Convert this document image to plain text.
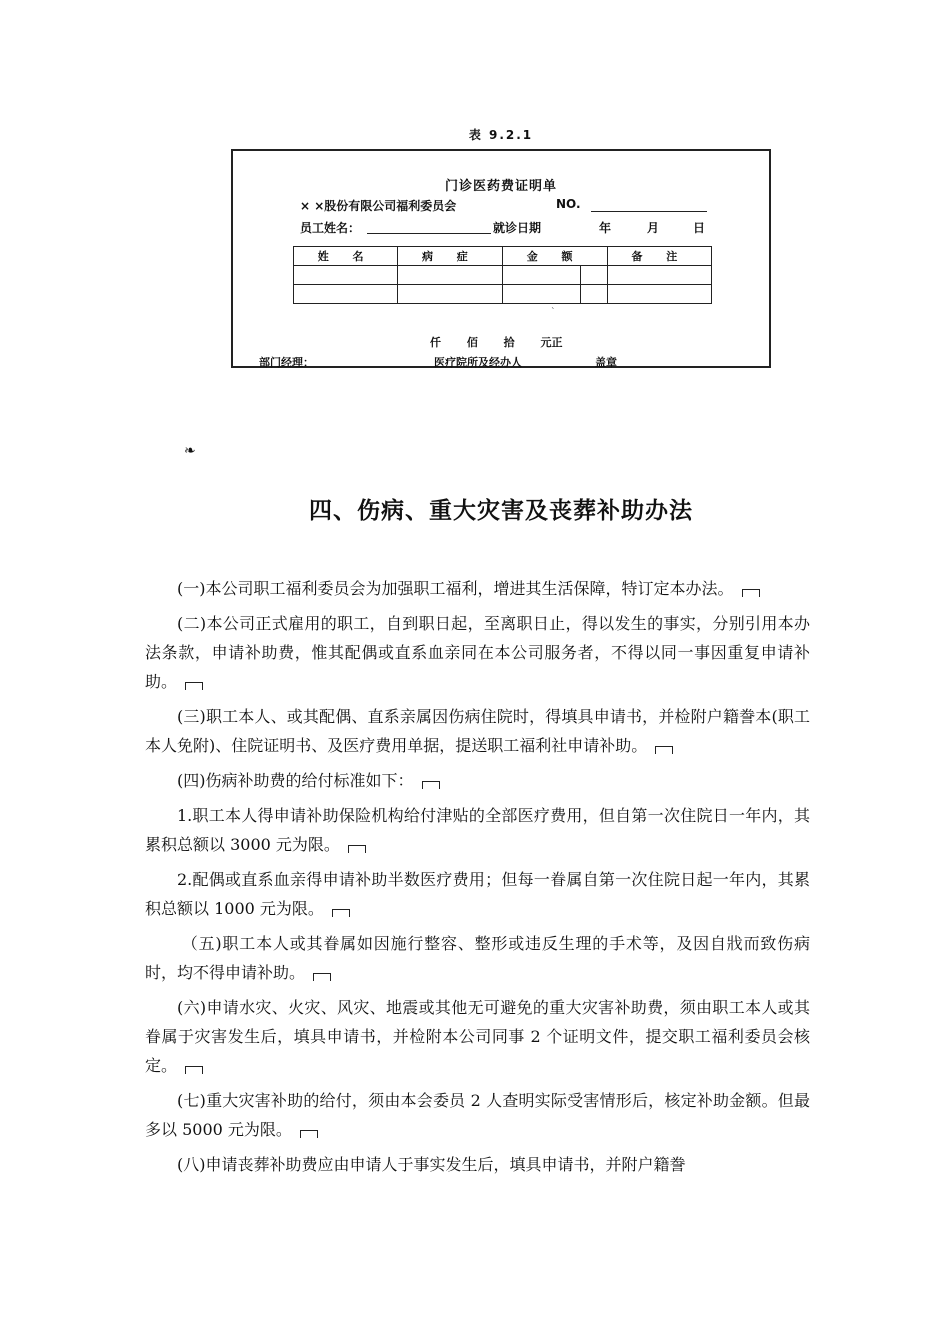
表 9.2.1
ˋ
门诊医药费证明单
× ×股份有限公司福利委员会	NO.
员工姓名：	就诊日期	年	月	日
姓 名	病 症	金 额		备 注

仟 佰 拾 元正
部门经理：	医疗院所及经办人	盖章
❧
四、伤病、重大灾害及丧葬补助办法

(一)本公司职工福利委员会为加强职工福利，增进其生活保障，特订定本办法。

(二)本公司正式雇用的职工，自到职日起，至离职日止，得以发生的事实，分别引用本办法条款，申请补助费，惟其配偶或直系血亲同在本公司服务者，不得以同一事因重复申请补助。

(三)职工本人、或其配偶、直系亲属因伤病住院时，得填具申请书，并检附户籍誊本(职工本人免附)、住院证明书、及医疗费用单据，提送职工福利社申请补助。

(四)伤病补助费的给付标准如下：

1.职工本人得申请补助保险机构给付津贴的全部医疗费用，但自第一次住院日一年内，其累积总额以 3000 元为限。

2.配偶或直系血亲得申请补助半数医疗费用；但每一眷属自第一次住院日起一年内，其累积总额以 1000 元为限。

（五)职工本人或其眷属如因施行整容、整形或违反生理的手术等，及因自戕而致伤病时，均不得申请补助。

(六)申请水灾、火灾、风灾、地震或其他无可避免的重大灾害补助费，须由职工本人或其眷属于灾害发生后，填具申请书，并检附本公司同事 2 个证明文件，提交职工福利委员会核定。

(七)重大灾害补助的给付，须由本会委员 2 人查明实际受害情形后，核定补助金额。但最多以 5000 元为限。

(八)申请丧葬补助费应由申请人于事实发生后，填具申请书，并附户籍誊
